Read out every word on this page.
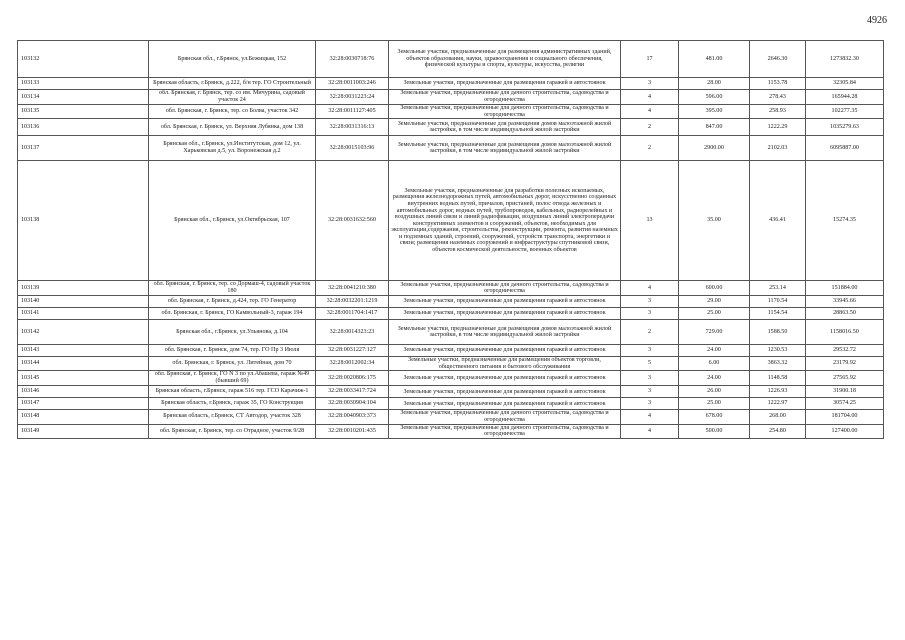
4926
103132	Брянская обл., г.Брянск, ул.Бежицкая, 152	32:28:0030718:76	Земельные участки, предназначенные для размещения административных зданий, объектов образования, науки, здравоохранения и социального обеспечения, физической культуры и спорта, культуры, искусства, религии	17	481.00	2646.30	1273832.30
103133	Брянская область, г.Брянск, д.222, б/н тер. ГО Строительный	32:28:0011003:246	Земельные участки, предназначенные для размещения гаражей и автостоянок	3	28.00	1153.78	32305.84
103134	обл. Брянская, г. Брянск, тер. со им. Мичурина, садовый участок 24	32:28:0031223:24	Земельные участки, предназначенные для дачного строительства, садоводства и огородничества	4	596.00	278.43	165944.28
103135	обл. Брянская, г. Брянск, тер. со Болва, участок 342	32:28:0011127:405	Земельные участки, предназначенные для дачного строительства, садоводства и огородничества	4	395.00	258.93	102277.35
103136	обл. Брянская, г. Брянск, ул. Верхняя Лубянка, дом 138	32:28:0031316:13	Земельные участки, предназначенные для размещения домов малоэтажной жилой застройки, в том числе индивидуальной жилой застройки	2	847.00	1222.29	1035279.63
103137	Брянская обл., г.Брянск, ул.Институтская, дом 12, ул. Харьковская д.5, ул. Воронежская д.2	32:28:0015103:96	Земельные участки, предназначенные для размещения домов малоэтажной жилой застройки, в том числе индивидуальной жилой застройки	2	2900.00	2102.03	6095887.00
103138	Брянская обл., г.Брянск, ул.Октябрьская, 107	32:28:0031632:560	Земельные участки, предназначенные для разработки полезных ископаемых, размещения железнодорожных путей, автомобильных дорог, искусственно созданных внутренних водных путей, причалов, пристаней, полос отвода железных и автомобильных дорог, водных путей, трубопроводов, кабельных, радиорелейных и воздушных линий связи и линий радиофикации, воздушных линий электропередачи конструктивных элементов и сооружений, объектов, необходимых для эксплуатации,содержания, строительства, реконструкции, ремонта, развития наземных и подземных зданий, строений, сооружений, устройств транспорта, энергетики и связи; размещения наземных сооружений и инфраструктуры спутниковой связи, объектов космической деятельности, военных объектов	13	35.00	436.41	15274.35
103139	обл. Брянская, г. Брянск, тер. со Дормаш-4, садовый участок 180	32:28:0041210:380	Земельные участки, предназначенные для дачного строительства, садоводства и огородничества	4	600.00	253.14	151884.00
103140	обл. Брянская, г. Брянск, д.424, тер. ГО Генератор	32:28:0032201:1219	Земельные участки, предназначенные для размещения гаражей и автостоянок	3	29.00	1170.54	33945.66
103141	обл. Брянская, г. Брянск, ГО Камвольный-3, гараж 194	32:28:0011704:1417	Земельные участки, предназначенные для размещения гаражей и автостоянок	3	25.00	1154.54	28863.50
103142	Брянская обл., г.Брянск, ул.Ульянова, д.104	32:28:0014323:23	Земельные участки, предназначенные для размещения домов малоэтажной жилой застройки, в том числе индивидуальной жилой застройки	2	729.00	1588.50	1158016.50
103143	обл. Брянская, г. Брянск, дом 74, тер. ГО Пр 3 Июля	32:28:0031227:127	Земельные участки, предназначенные для размещения гаражей и автостоянок	3	24.00	1230.53	29532.72
103144	обл. Брянская, г. Брянск, ул. Литейная, дом 70	32:28:0012002:34	Земельные участки, предназначенные для размещения объектов торговли, общественного питания и бытового обслуживания	5	6.00	3863.32	23179.92
103145	обл. Брянская, г. Брянск, ГО N 3 по ул.Абашева, гараж №49 (бывший 69)	32:28:0020806:175	Земельные участки, предназначенные для размещения гаражей и автостоянок	3	24.00	1148.58	27565.92
103146	Брянская область, г.Брянск, гараж 516 тер. ГСО Карачиж-1	32:28:0033417:724	Земельные участки, предназначенные для размещения гаражей и автостоянок	3	26.00	1226.93	31900.18
103147	Брянская область, г.Брянск, гараж 35, ГО Конструкция	32:28:0030904:104	Земельные участки, предназначенные для размещения гаражей и автостоянок	3	25.00	1222.97	30574.25
103148	Брянская область, г.Брянск, СТ Автодор, участок 328	32:28:0040903:373	Земельные участки, предназначенные для дачного строительства, садоводства и огородничества	4	678.00	268.00	181704.00
103149	обл. Брянская, г. Брянск, тер. со Отрадное, участок 9/28	32:28:0010201:435	Земельные участки, предназначенные для дачного строительства, садоводства и огородничества	4	500.00	254.80	127400.00
